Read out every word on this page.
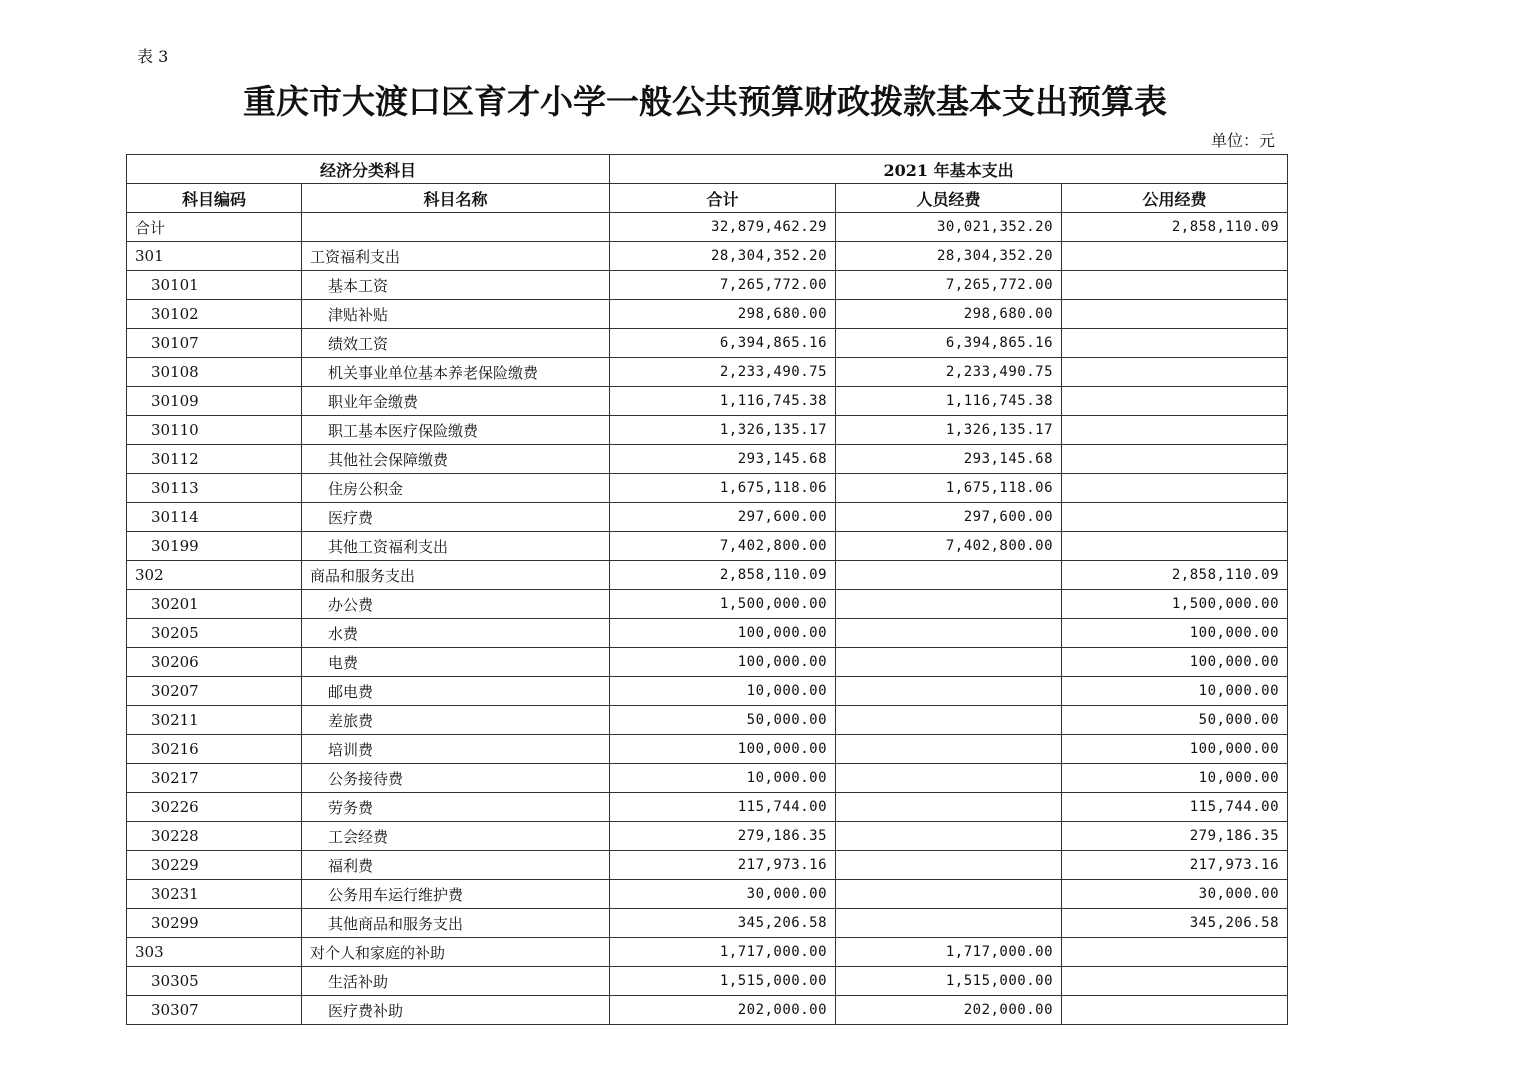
表 3
重庆市大渡口区育才小学一般公共预算财政拨款基本支出预算表
单位：元
经济分类科目		2021 年基本支出		
科目编码	科目名称	合计	人员经费	公用经费
合计		32,879,462.29	30,021,352.20	2,858,110.09
301	工资福利支出	28,304,352.20	28,304,352.20	
30101	基本工资	7,265,772.00	7,265,772.00	
30102	津贴补贴	298,680.00	298,680.00	
30107	绩效工资	6,394,865.16	6,394,865.16	
30108	机关事业单位基本养老保险缴费	2,233,490.75	2,233,490.75	
30109	职业年金缴费	1,116,745.38	1,116,745.38	
30110	职工基本医疗保险缴费	1,326,135.17	1,326,135.17	
30112	其他社会保障缴费	293,145.68	293,145.68	
30113	住房公积金	1,675,118.06	1,675,118.06	
30114	医疗费	297,600.00	297,600.00	
30199	其他工资福利支出	7,402,800.00	7,402,800.00	
302	商品和服务支出	2,858,110.09		2,858,110.09
30201	办公费	1,500,000.00		1,500,000.00
30205	水费	100,000.00		100,000.00
30206	电费	100,000.00		100,000.00
30207	邮电费	10,000.00		10,000.00
30211	差旅费	50,000.00		50,000.00
30216	培训费	100,000.00		100,000.00
30217	公务接待费	10,000.00		10,000.00
30226	劳务费	115,744.00		115,744.00
30228	工会经费	279,186.35		279,186.35
30229	福利费	217,973.16		217,973.16
30231	公务用车运行维护费	30,000.00		30,000.00
30299	其他商品和服务支出	345,206.58		345,206.58
303	对个人和家庭的补助	1,717,000.00	1,717,000.00	
30305	生活补助	1,515,000.00	1,515,000.00	
30307	医疗费补助	202,000.00	202,000.00	
